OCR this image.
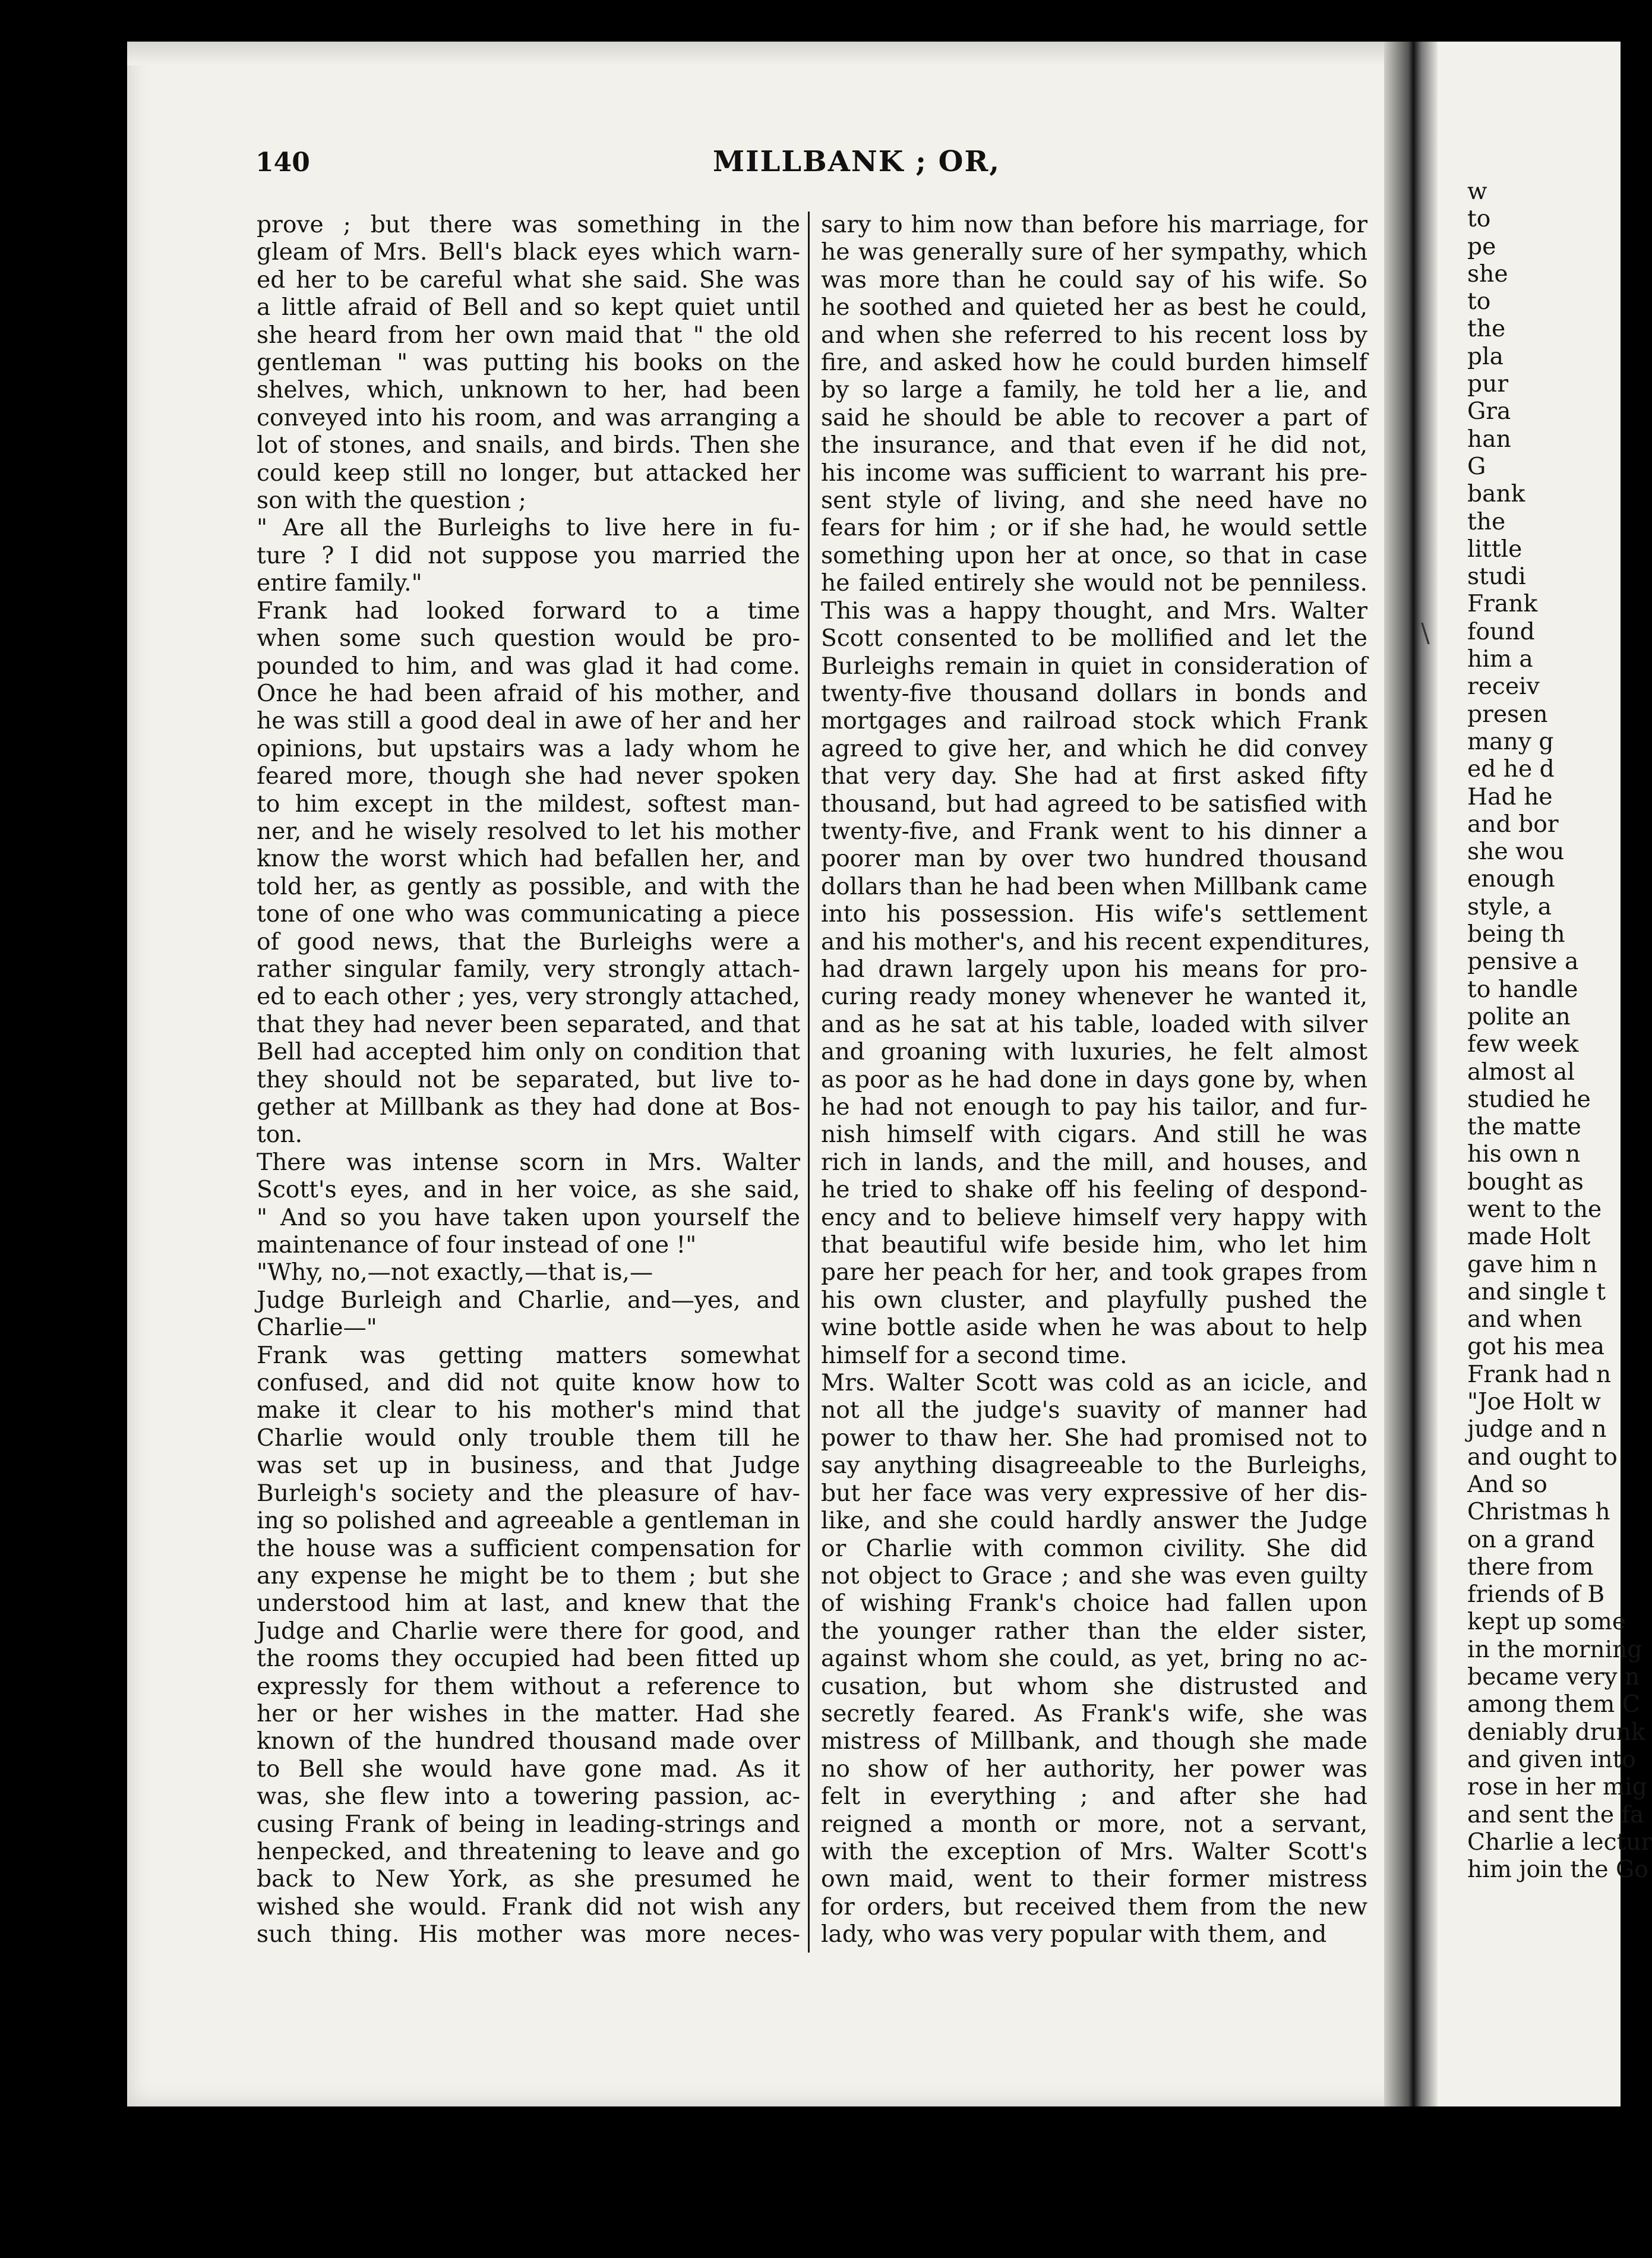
140	MILLBANK ; OR,

prove ; but there was something in the

gleam of Mrs. Bell's black eyes which warn-

ed her to be careful what she said. She was

a little afraid of Bell and so kept quiet until

she heard from her own maid that " the old

gentleman " was putting his books on the

shelves, which, unknown to her, had been

conveyed into his room, and was arranging a

lot of stones, and snails, and birds. Then she

could keep still no longer, but attacked her

son with the question ;

" Are all the Burleighs to live here in fu-

ture ? I did not suppose you married the

entire family."

Frank had looked forward to a time

when some such question would be pro-

pounded to him, and was glad it had come.

Once he had been afraid of his mother, and

he was still a good deal in awe of her and her

opinions, but upstairs was a lady whom he

feared more, though she had never spoken

to him except in the mildest, softest man-

ner, and he wisely resolved to let his mother

know the worst which had befallen her, and

told her, as gently as possible, and with the

tone of one who was communicating a piece

of good news, that the Burleighs were a

rather singular family, very strongly attach-

ed to each other ; yes, very strongly attached,

that they had never been separated, and that

Bell had accepted him only on condition that

they should not be separated, but live to-

gether at Millbank as they had done at Bos-

ton.

There was intense scorn in Mrs. Walter

Scott's eyes, and in her voice, as she said,

" And so you have taken upon yourself the

maintenance of four instead of one !"

"Why, no,—not exactly,—that is,—

Judge Burleigh and Charlie, and—yes, and

Charlie—"

Frank was getting matters somewhat

confused, and did not quite know how to

make it clear to his mother's mind that

Charlie would only trouble them till he

was set up in business, and that Judge

Burleigh's society and the pleasure of hav-

ing so polished and agreeable a gentleman in

the house was a sufficient compensation for

any expense he might be to them ; but she

understood him at last, and knew that the

Judge and Charlie were there for good, and

the rooms they occupied had been fitted up

expressly for them without a reference to

her or her wishes in the matter. Had she

known of the hundred thousand made over

to Bell she would have gone mad. As it

was, she flew into a towering passion, ac-

cusing Frank of being in leading-strings and

henpecked, and threatening to leave and go

back to New York, as she presumed he

wished she would. Frank did not wish any

such thing. His mother was more neces-

sary to him now than before his marriage, for

he was generally sure of her sympathy, which

was more than he could say of his wife. So

he soothed and quieted her as best he could,

and when she referred to his recent loss by

fire, and asked how he could burden himself

by so large a family, he told her a lie, and

said he should be able to recover a part of

the insurance, and that even if he did not,

his income was sufficient to warrant his pre-

sent style of living, and she need have no

fears for him ; or if she had, he would settle

something upon her at once, so that in case

he failed entirely she would not be penniless.

This was a happy thought, and Mrs. Walter

Scott consented to be mollified and let the

Burleighs remain in quiet in consideration of

twenty-five thousand dollars in bonds and

mortgages and railroad stock which Frank

agreed to give her, and which he did convey

that very day. She had at first asked fifty

thousand, but had agreed to be satisfied with

twenty-five, and Frank went to his dinner a

poorer man by over two hundred thousand

dollars than he had been when Millbank came

into his possession. His wife's settlement

and his mother's, and his recent expenditures,

had drawn largely upon his means for pro-

curing ready money whenever he wanted it,

and as he sat at his table, loaded with silver

and groaning with luxuries, he felt almost

as poor as he had done in days gone by, when

he had not enough to pay his tailor, and fur-

nish himself with cigars. And still he was

rich in lands, and the mill, and houses, and

he tried to shake off his feeling of despond-

ency and to believe himself very happy with

that beautiful wife beside him, who let him

pare her peach for her, and took grapes from

his own cluster, and playfully pushed the

wine bottle aside when he was about to help

himself for a second time.

Mrs. Walter Scott was cold as an icicle, and

not all the judge's suavity of manner had

power to thaw her. She had promised not to

say anything disagreeable to the Burleighs,

but her face was very expressive of her dis-

like, and she could hardly answer the Judge

or Charlie with common civility. She did

not object to Grace ; and she was even guilty

of wishing Frank's choice had fallen upon

the younger rather than the elder sister,

against whom she could, as yet, bring no ac-

cusation, but whom she distrusted and

secretly feared. As Frank's wife, she was

mistress of Millbank, and though she made

no show of her authority, her power was

felt in everything ; and after she had

reigned a month or more, not a servant,

with the exception of Mrs. Walter Scott's

own maid, went to their former mistress

for orders, but received them from the new

lady, who was very popular with them, and

\

w

to

pe

she

to

the

pla

pur

Gra

han

G

bank

the

little

studi

Frank

found

him a

receiv

presen

many g

ed he d

Had he

and bor

she wou

enough

style, a

being th

pensive a

to handle

polite an

few week

almost al

studied he

the matte

his own n

bought as

went to the

made Holt

gave him n

and single t

and when

got his mea

Frank had n

"Joe Holt w

judge and n

and ought to

And so

Christmas h

on a grand

there from

friends of B

kept up some

in the morning

became very n

among them C

deniably drunk

and given into

rose in her mig

and sent the fa

Charlie a lectur

him join the Go
